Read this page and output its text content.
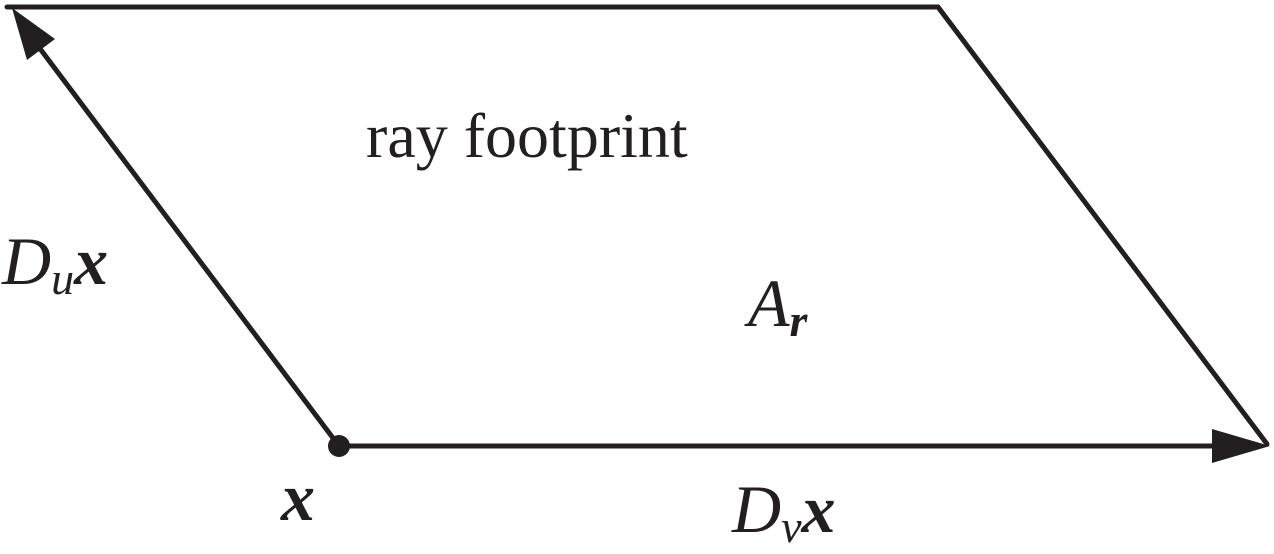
ray footprint
Ar
Dux
x	Dvx
